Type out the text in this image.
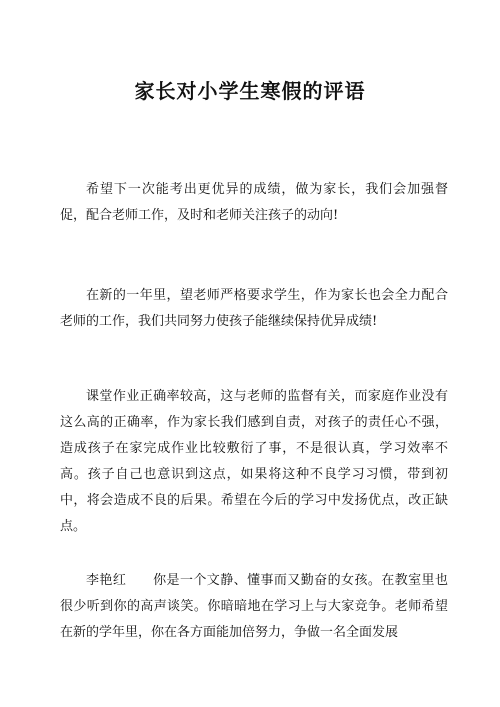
家长对小学生寒假的评语

希望下一次能考出更优异的成绩，做为家长，我们会加强督促，配合老师工作，及时和老师关注孩子的动向!

在新的一年里，望老师严格要求学生，作为家长也会全力配合老师的工作，我们共同努力使孩子能继续保持优异成绩!

课堂作业正确率较高，这与老师的监督有关，而家庭作业没有这么高的正确率，作为家长我们感到自责，对孩子的责任心不强，造成孩子在家完成作业比较敷衍了事，不是很认真，学习效率不高。孩子自己也意识到这点，如果将这种不良学习习惯，带到初中，将会造成不良的后果。希望在今后的学习中发扬优点，改正缺点。

李艳红　　你是一个文静、懂事而又勤奋的女孩。在教室里也很少听到你的高声谈笑。你暗暗地在学习上与大家竞争。老师希望在新的学年里，你在各方面能加倍努力，争做一名全面发展
